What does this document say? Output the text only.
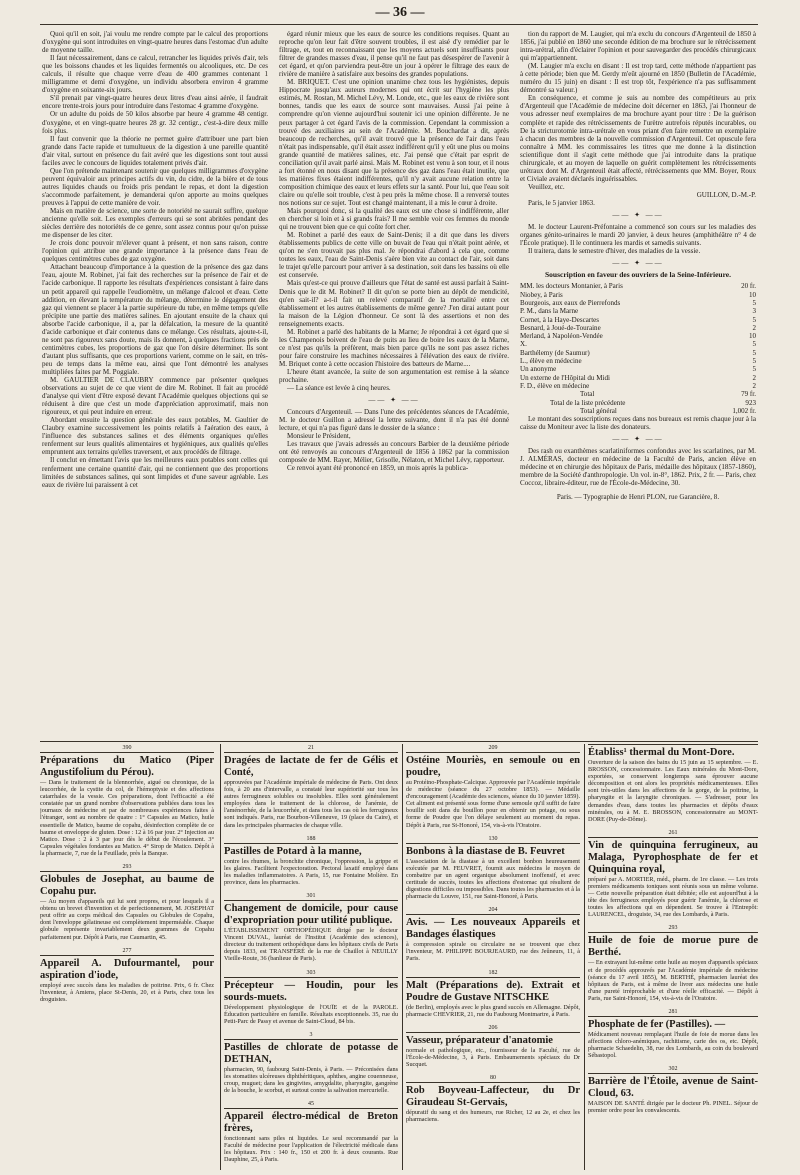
— 36 —

Quoi qu'il en soit, j'ai voulu me rendre compte par le calcul des proportions d'oxygène qui sont introduites en vingt-quatre heures dans l'estomac d'un adulte de moyenne taille.

Il faut nécessairement, dans ce calcul, retrancher les liquides privés d'air, tels que les boissons chaudes et les liquides fermentés ou alcooliques, etc. De ces calculs, il résulte que chaque verre d'eau de 400 grammes contenant 1 milligramme et demi d'oxygène, un individu absorbera environ 4 gramme d'oxygène en soixante-six jours.

S'il prenait par vingt-quatre heures deux litres d'eau ainsi aérée, il faudrait encore trente-trois jours pour introduire dans l'estomac 4 gramme d'oxygène.

Or un adulte du poids de 50 kilos absorbe par heure 4 gramme 48 centigr. d'oxygène, et en vingt-quatre heures 28 gr. 32 centigr., c'est-à-dire deux mille fois plus.

Il faut convenir que la théorie ne permet guère d'attribuer une part bien grande dans l'acte rapide et tumultueux de la digestion à une pareille quantité d'air vital, surtout en présence du fait avéré que les digestions sont tout aussi faciles avec le concours de liquides totalement privés d'air.

Que l'on prétende maintenant soutenir que quelques milligrammes d'oxygène peuvent équivaloir aux principes actifs du vin, du cidre, de la bière et de tous autres liquides chauds ou froids pris pendant le repas, et dont la digestion s'accommode parfaitement, je demanderai qu'on apporte au moins quelques preuves à l'appui de cette manière de voir.

Mais en matière de science, une sorte de notoriété ne saurait suffire, quelque ancienne qu'elle soit. Les exemples d'erreurs qui se sont abritées pendant des siècles derrière des notoriétés de ce genre, sont assez connus pour qu'on puisse me dispenser de les citer.

Je crois donc pouvoir m'élever quant à présent, et non sans raison, contre l'opinion qui attribue une grande importance à la présence dans l'eau de quelques centimètres cubes de gaz oxygène.

Attachant beaucoup d'importance à la question de la présence des gaz dans l'eau, ajoute M. Robinet, j'ai fait des recherches sur la présence de l'air et de l'acide carbonique. Il rapporte les résultats d'expériences consistant à faire dans un petit appareil qui rappelle l'eudiomètre, un mélange d'alcool et d'eau. Cette addition, en élevant la température du mélange, détermine le dégagement des gaz qui viennent se placer à la partie supérieure du tube, en même temps qu'elle précipite une partie des matières salines. En ajoutant ensuite de la chaux qui absorbe l'acide carbonique, il a, par la défalcation, la mesure de la quantité d'acide carbonique et d'air contenus dans ce mélange. Ces résultats, ajoute-t-il, ne sont pas rigoureux sans doute, mais ils donnent, à quelques fractions près de centimètres cubes, les proportions de gaz que l'on désire déterminer. Ils sont d'autant plus suffisants, que ces proportions varient, comme on le sait, en très-peu de temps dans la même eau, ainsi que l'ont démontré les analyses multipliées faites par M. Poggiale.

M. GAULTIER DE CLAUBRY commence par présenter quelques observations au sujet de ce que vient de dire M. Robinet. Il fait au procédé d'analyse qui vient d'être exposé devant l'Académie quelques objections qui se réduisent à dire que c'est un mode d'appréciation approximatif, mais non rigoureux, et qui peut induire en erreur.

Abordant ensuite la question générale des eaux potables, M. Gaultier de Claubry examine successivement les points relatifs à l'aération des eaux, à l'influence des substances salines et des éléments organiques qu'elles renferment sur leurs qualités alimentaires et hygiéniques, aux qualités qu'elles empruntent aux terrains qu'elles traversent, et aux procédés de filtrage.

Il conclut en émettant l'avis que les meilleures eaux potables sont celles qui renferment une certaine quantité d'air, qui ne contiennent que des proportions limitées de substances salines, qui sont limpides et d'une saveur agréable. Les eaux de rivière lui paraissent à cet

égard réunir mieux que les eaux de source les conditions requises. Quant au reproche qu'on leur fait d'être souvent troubles, il est aisé d'y remédier par le filtrage, et, tout en reconnaissant que les moyens actuels sont insuffisants pour filtrer de grandes masses d'eau, il pense qu'il ne faut pas désespérer de l'avenir à cet égard, et qu'on parviendra peut-être un jour à opérer le filtrage des eaux de rivière de manière à satisfaire aux besoins des grandes populations.

M. BRIQUET. C'est une opinion unanime chez tous les hygiénistes, depuis Hippocrate jusqu'aux auteurs modernes qui ont écrit sur l'hygiène les plus estimés, M. Rostan, M. Michel Lévy, M. Londe, etc., que les eaux de rivière sont bonnes, tandis que les eaux de source sont mauvaises. Aussi j'ai peine à comprendre qu'on vienne aujourd'hui soutenir ici une opinion différente. Je ne peux partager à cet égard l'avis de la commission. Cependant la commission a trouvé des auxiliaires au sein de l'Académie. M. Bouchardat a dit, après beaucoup de recherches, qu'il avait trouvé que la présence de l'air dans l'eau n'était pas indispensable, qu'il était assez indifférent qu'il y eût une plus ou moins grande quantité de matières salines, etc. J'ai pensé que c'était par esprit de conciliation qu'il avait parlé ainsi. Mais M. Robinet est venu à son tour, et il nous a fort étonné en nous disant que la présence des gaz dans l'eau était inutile, que les matières fixes étaient indifférentes, qu'il n'y avait aucune relation entre la composition chimique des eaux et leurs effets sur la santé. Pour lui, que l'eau soit claire ou qu'elle soit trouble, c'est à peu près la même chose. Il a renversé toutes nos notions sur ce sujet. Tout est changé maintenant, il a mis le cœur à droite.

Mais pourquoi donc, si la qualité des eaux est une chose si indifférente, aller en chercher si loin et à si grands frais? Il me semble voir ces femmes du monde qui ne trouvent bien que ce qui coûte fort cher.

M. Robinet a parlé des eaux de Saint-Denis; il a dit que dans les divers établissements publics de cette ville on buvait de l'eau qui n'était point aérée, et qu'on ne s'en trouvait pas plus mal. Je répondrai d'abord à cela que, comme toutes les eaux, l'eau de Saint-Denis s'aère bien vite au contact de l'air, soit dans le trajet qu'elle parcourt pour arriver à sa destination, soit dans les bassins où elle est conservée.

Mais qu'est-ce qui prouve d'ailleurs que l'état de santé est aussi parfait à Saint-Denis que le dit M. Robinet? Il dit qu'on se porte bien au dépôt de mendicité, qu'en sait-il? a-t-il fait un relevé comparatif de la mortalité entre cet établissement et les autres établissements de même genre? J'en dirai autant pour la maison de la Légion d'honneur. Ce sont là des assertions et non des renseignements exacts.

M. Robinet a parlé des habitants de la Marne; Je répondrai à cet égard que si les Champenois boivent de l'eau de puits au lieu de boire les eaux de la Marne, ce n'est pas qu'ils la préfèrent, mais bien parce qu'ils ne sont pas assez riches pour faire construire les machines nécessaires à l'élévation des eaux de rivière. M. Briquet conte à cette occasion l'histoire des batteurs de Marne....

L'heure étant avancée, la suite de son argumentation est remise à la séance prochaine.

— La séance est levée à cinq heures.

—— ✦ ——

Concours d'Argenteuil. — Dans l'une des précédentes séances de l'Académie, M. le docteur Guillon a adressé la lettre suivante, dont il n'a pas été donné lecture, et qui n'a pas figuré dans le dossier de la séance :

Monsieur le Président,

Les travaux que j'avais adressés au concours Barbier de la deuxième période ont été renvoyés au concours d'Argenteuil de 1856 à 1862 par la commission composée de MM. Rayer, Mélier, Grisolle, Nélaton, et Michel Lévy, rapporteur.

Ce renvoi ayant été prononcé en 1859, un mois après la publica-

tion du rapport de M. Laugier, qui m'a exclu du concours d'Argenteuil de 1850 à 1856, j'ai publié en 1860 une seconde édition de ma brochure sur le rétrécissement intra-urétral, afin d'éclairer l'opinion et pour sauvegarder des procédés chirurgicaux qui m'appartiennent.

(M. Laugier m'a exclu en disant : Il est trop tard, cette méthode n'appartient pas à cette période; bien que M. Gerdy m'eût ajourné en 1850 (Bulletin de l'Académie, numéro du 15 juin) en disant : Il est trop tôt, l'expérience n'a pas suffisamment démontré sa valeur.)

En conséquence, et comme je suis au nombre des compétiteurs au prix d'Argenteuil que l'Académie de médecine doit décerner en 1863, j'ai l'honneur de vous adresser neuf exemplaires de ma brochure ayant pour titre : De la guérison complète et rapide des rétrécissements de l'urètre autrefois réputés incurables, ou De la stricturotomie intra-urétrale en vous priant d'en faire remettre un exemplaire à chacun des membres de la nouvelle commission d'Argenteuil. Cet opuscule fera connaître à MM. les commissaires les titres que me donne à la distinction scientifique dont il s'agit cette méthode que j'ai introduite dans la pratique chirurgicale, et au moyen de laquelle on guérit complètement les rétrécissements urétraux dont M. d'Argenteuil était affecté, rétrécissements que MM. Boyer, Roux et Civiale avaient déclarés inguérissables.

Veuillez, etc.

GUILLON, D.-M.-P.

Paris, le 5 janvier 1863.

—— ✦ ——

M. le docteur Laurent-Préfontaine a commencé son cours sur les maladies des organes génito-urinaires le mardi 20 janvier, à deux heures (amphithéâtre n° 4 de l'École pratique). Il le continuera les mardis et samedis suivants.

Il traitera, dans le semestre d'hiver, des maladies de la vessie.

—— ✦ ——
Souscription en faveur des ouvriers de la Seine-Inférieure.
MM. les docteurs Montanier, à Paris	20 fr.
Niobey, à Paris	10
Bourgeois, aux eaux de Pierrefonds	5
P. M., dans la Marne	3
Cornet, à la Haye-Descartes	5
Besnard, à Joué-de-Touraine	2
Merland, à Napoléon-Vendée	10
X.	5
Barthélemy (de Saumur)	5
L., élève en médecine	5
Un anonyme	5
Un externe de l'Hôpital du Midi	2
F. D., élève en médecine	2
Total	79 fr.
Total de la liste précédente	923
Total général	1,002 fr.

Le montant des souscriptions reçues dans nos bureaux est remis chaque jour à la caisse du Moniteur avec la liste des donateurs.

—— ✦ ——

Des rash ou exanthèmes scarlatiniformes confondus avec les scarlatines, par M. J. ALMÉRAS, docteur en médecine de la Faculté de Paris, ancien élève en médecine et en chirurgie des hôpitaux de Paris, médaille des hôpitaux (1857-1860), membre de la Société d'anthropologie. Un vol. in-8°, 1862. Prix, 2 fr. — Paris, chez Coccoz, libraire-éditeur, rue de l'École-de-Médecine, 30.

Paris. — Typographie de Henri PLON, rue Garancière, 8.

390
Préparations du Matico (Piper Angustifolium du Pérou).
— Dans le traitement de la blennorrhée, aigué ou chronique, de la leucorrhée, de la cystite du col, de l'hémoptysie et des affections catarrhales de la vessie. Ces préparations, dont l'efficacité a été constatée par un grand nombre d'observations publiées dans tous les journaux de médecine et par de nombreuses expériences faites à l'étranger, sont au nombre de quatre : 1° Capsules au Matico, huile essentielle de Matico, baume de copahu, désinfection complète de ce baume et enveloppe de gluten. Dose : 12 à 16 par jour. 2° Injection au Matico. Dose : 2 à 3 par jour dès le début de l'écoulement. 3° Capsules végétales fondantes au Matico. 4° Sirop de Matico. Dépôt à la pharmacie, 7, rue de la Feuillade, près la Banque.
293
Globules de Josephat, au baume de Copahu pur.
— Au moyen d'appareils qui lui sont propres, et pour lesquels il a obtenu un brevet d'invention et de perfectionnement, M. JOSEPHAT peut offrir au corps médical des Capsules ou Globules de Copahu, dont l'enveloppe gélatineuse est complètement imperméable. Chaque globule représente invariablement deux grammes de Copahu parfaitement pur. Dépôt à Paris, rue Caumartin, 45.
277
Appareil A. Dufourmantel, pour aspiration d'iode,
employé avec succès dans les maladies de poitrine. Prix, 6 fr. Chez l'inventeur, à Amiens, place St-Denis, 20, et à Paris, chez tous les droguistes.
21
Dragées de lactate de fer de Gélis et Conté,
approuvées par l'Académie impériale de médecine de Paris. Ont deux fois, à 20 ans d'intervalle, a constaté leur supériorité sur tous les autres ferrugineux solubles ou insolubles. Elles sont généralement employées dans le traitement de la chlorose, de l'anémie, de l'aménorrhée, de la leucorrhée, et dans tous les cas où les ferrugineux sont indiqués. Paris, rue Bourbon-Villeneuve, 19 (place du Caire), et dans les principales pharmacies de chaque ville.
188
Pastilles de Potard à la manne,
contre les rhumes, la bronchite chronique, l'oppression, la grippe et les glaires. Facilitent l'expectoration. Pectoral laxatif employé dans les maladies inflammatoires. A Paris, 15, rue Fontaine Molière. En province, dans les pharmacies.
301
Changement de domicile, pour cause d'expropriation pour utilité publique.
L'ÉTABLISSEMENT ORTHOPÉDIQUE dirigé par le docteur Vincent DUVAL, lauréat de l'Institut (Académie des sciences), directeur du traitement orthopédique dans les hôpitaux civils de Paris depuis 1833, est TRANSFÉRÉ de la rue de Chaillot à NEUILLY Vieille-Route, 36 (banlieue de Paris).
303
Précepteur — Houdin, pour les sourds-muets.
Développement physiologique de l'OUÏE et de la PAROLE. Éducation particulière en famille. Résultats exceptionnels. 35, rue du Petit-Parc de Passy et avenue de Saint-Cloud, 84 bis.
3
Pastilles de chlorate de potasse de DETHAN,
pharmacien, 90, faubourg Saint-Denis, à Paris. — Préconisées dans les stomatites ulcéreuses diphthéritiques, aphthes, angine couenneuse, croup, muguet; dans les gingivites, amygdalite, pharyngite, gangrène de la bouche, le scorbut, et surtout contre la salivation mercurielle.
45
Appareil électro-médical de Breton frères,
fonctionnant sans piles ni liquides. Le seul recommandé par la Faculté de médecine pour l'application de l'électricité médicale dans les hôpitaux. Prix : 140 fr., 150 et 200 fr. à deux courants. Rue Dauphine, 25, à Paris.
209
Ostéine Mouriès, en semoule ou en poudre,
au Protéino-Phosphate-Calcique. Approuvée par l'Académie impériale de médecine (séance du 27 octobre 1853). — Médaille d'encouragement (Académie des sciences, séance du 10 janvier 1859). Cet aliment est présenté sous forme d'une semoule qu'il suffit de faire bouillir soit dans du bouillon pour en obtenir un potage, ou sous forme de Poudre que l'on délaye seulement au moment du repas. Dépôt à Paris, rue St-Honoré, 154, vis-à-vis l'Oratoire.
130
Bonbons à la diastase de B. Feuvret
L'association de la diastase à un excellent bonbon heureusement exécutée par M. FEUVRET, fournit aux médecins le moyen de combattre par un agent organique absolument inoffensif, et avec certitude de succès, toutes les affections d'estomac qui résultent de digestions difficiles ou impossibles. Dans toutes les pharmacies et à la pharmacie du Louvre, 151, rue Saint-Honoré, à Paris.
204
Avis. — Les nouveaux Appareils et Bandages élastiques
à compression spirale ou circulaire ne se trouvent que chez l'inventeur, M. PHILIPPE BOURJEAURD, rue des Jeûneurs, 11, à Paris.
182
Malt (Préparations de). Extrait et Poudre de Gustave NITSCHKE
(de Berlin), employés avec le plus grand succès en Allemagne. Dépôt, pharmacie CHEVRIER, 21, rue du Faubourg Montmartre, à Paris.
206
Vasseur, préparateur d'anatomie
normale et pathologique, etc., fournisseur de la Faculté, rue de l'École-de-Médecine, 3, à Paris. Embaumements spéciaux du Dr Sucquet.
80
Rob Boyveau-Laffecteur, du Dr Giraudeau St-Gervais,
dépuratif du sang et des humeurs, rue Richer, 12 au 2e, et chez les pharmaciens.
Établiss¹ thermal du Mont-Dore.
Ouverture de la saison des bains du 15 juin au 15 septembre. — E. BROSSON, concessionnaire. Les Eaux minérales du Mont-Dore, exportées, se conservent longtemps sans éprouver aucune décomposition et ont alors les propriétés médicamenteuses. Elles sont très-utiles dans les affections de la gorge, de la poitrine, la pharyngite et la laryngite chroniques. — S'adresser, pour les demandes d'eau, dans toutes les pharmacies et dépôts d'eaux minérales, ou à M. E. BROSSON, concessionnaire au MONT-DORE (Puy-de-Dôme).
261
Vin de quinquina ferrugineux, au Malaga, Pyrophosphate de fer et Quinquina royal,
préparé par A. MORTIER, méd., pharm. de 1re classe. — Les trois premiers médicaments toniques sont réunis sous un même volume. — Cette nouvelle préparation était débitée; elle est aujourd'hui à la tête des ferrugineux employés pour guérir l'anémie, la chlorose et toutes les affections qui en dépendent. Se trouve à l'Entrepôt: LAURENCEL, droguiste, 34, rue des Lombards, à Paris.
293
Huile de foie de morue pure de Berthé.
— En extrayant lui-même cette huile au moyen d'appareils spéciaux et de procédés approuvés par l'Académie impériale de médecine (séance du 17 avril 1855), M. BERTHÉ, pharmacien lauréat des hôpitaux de Paris, est à même de livrer aux médecins une huile d'une pureté irréprochable et d'une réelle efficacité. — Dépôt à Paris, rue Saint-Honoré, 154, vis-à-vis de l'Oratoire.
281
Phosphate de fer (Pastilles). —
Médicament nouveau remplaçant l'huile de foie de morue dans les affections chloro-anémiques, rachitisme, carie des os, etc. Dépôt, pharmacie Schaedelin, 38, rue des Lombards, au coin du boulevard Sébastopol.
302
Barrière de l'Étoile, avenue de Saint-Cloud, 63.
MAISON DE SANTÉ dirigée par le docteur Ph. PINEL. Séjour de premier ordre pour les convalescents.
